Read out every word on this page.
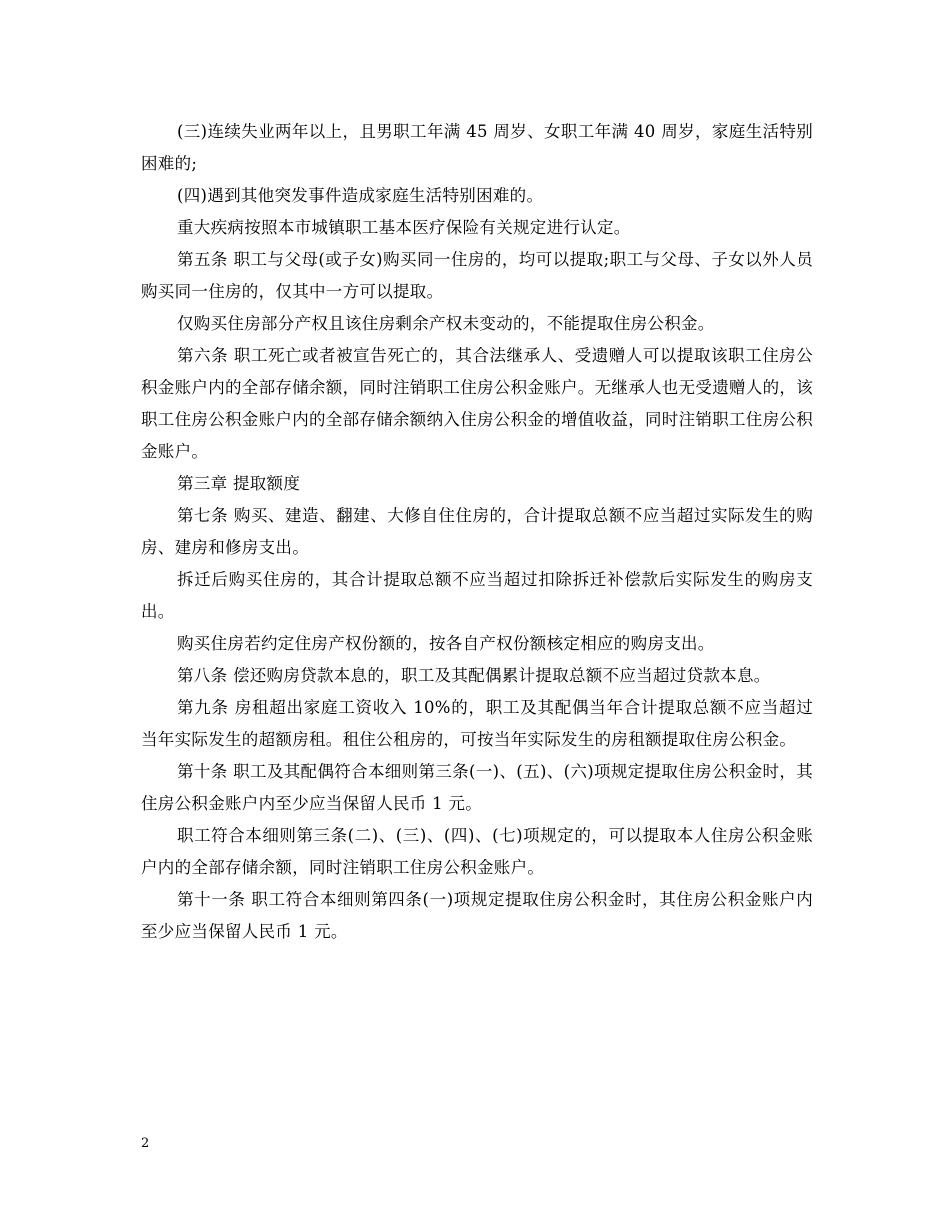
(三)连续失业两年以上，且男职工年满 45 周岁、女职工年满 40 周岁，家庭生活特别困难的;

(四)遇到其他突发事件造成家庭生活特别困难的。

重大疾病按照本市城镇职工基本医疗保险有关规定进行认定。

第五条 职工与父母(或子女)购买同一住房的，均可以提取;职工与父母、子女以外人员购买同一住房的，仅其中一方可以提取。

仅购买住房部分产权且该住房剩余产权未变动的，不能提取住房公积金。

第六条 职工死亡或者被宣告死亡的，其合法继承人、受遗赠人可以提取该职工住房公积金账户内的全部存储余额，同时注销职工住房公积金账户。无继承人也无受遗赠人的，该职工住房公积金账户内的全部存储余额纳入住房公积金的增值收益，同时注销职工住房公积金账户。

第三章 提取额度

第七条 购买、建造、翻建、大修自住住房的，合计提取总额不应当超过实际发生的购房、建房和修房支出。

拆迁后购买住房的，其合计提取总额不应当超过扣除拆迁补偿款后实际发生的购房支出。

购买住房若约定住房产权份额的，按各自产权份额核定相应的购房支出。

第八条 偿还购房贷款本息的，职工及其配偶累计提取总额不应当超过贷款本息。

第九条 房租超出家庭工资收入 10%的，职工及其配偶当年合计提取总额不应当超过当年实际发生的超额房租。租住公租房的，可按当年实际发生的房租额提取住房公积金。

第十条 职工及其配偶符合本细则第三条(一)、(五)、(六)项规定提取住房公积金时，其住房公积金账户内至少应当保留人民币 1 元。

职工符合本细则第三条(二)、(三)、(四)、(七)项规定的，可以提取本人住房公积金账户内的全部存储余额，同时注销职工住房公积金账户。

第十一条 职工符合本细则第四条(一)项规定提取住房公积金时，其住房公积金账户内至少应当保留人民币 1 元。

2
